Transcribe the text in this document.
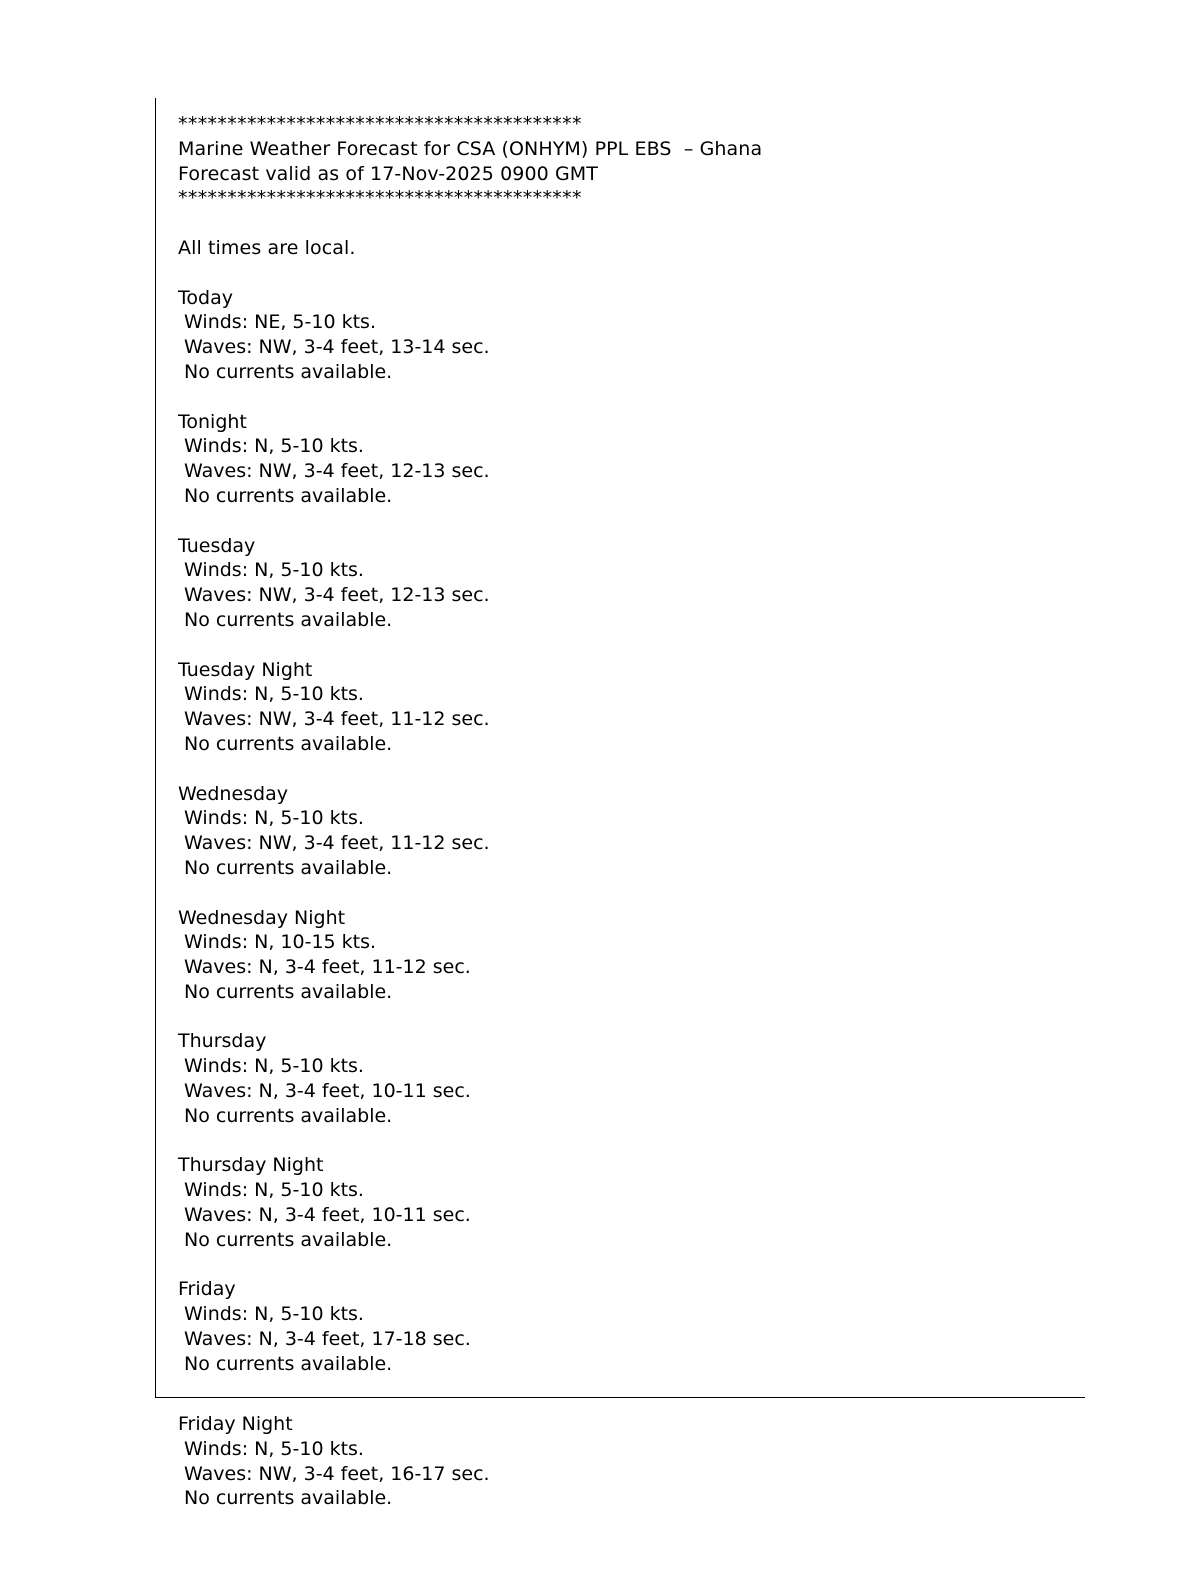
*****************************************
Marine Weather Forecast for CSA (ONHYM) PPL EBS  – Ghana
Forecast valid as of 17-Nov-2025 0900 GMT
*****************************************
All times are local.
Today
Winds: NE, 5-10 kts.
Waves: NW, 3-4 feet, 13-14 sec.
No currents available.
Tonight
Winds: N, 5-10 kts.
Waves: NW, 3-4 feet, 12-13 sec.
No currents available.
Tuesday
Winds: N, 5-10 kts.
Waves: NW, 3-4 feet, 12-13 sec.
No currents available.
Tuesday Night
Winds: N, 5-10 kts.
Waves: NW, 3-4 feet, 11-12 sec.
No currents available.
Wednesday
Winds: N, 5-10 kts.
Waves: NW, 3-4 feet, 11-12 sec.
No currents available.
Wednesday Night
Winds: N, 10-15 kts.
Waves: N, 3-4 feet, 11-12 sec.
No currents available.
Thursday
Winds: N, 5-10 kts.
Waves: N, 3-4 feet, 10-11 sec.
No currents available.
Thursday Night
Winds: N, 5-10 kts.
Waves: N, 3-4 feet, 10-11 sec.
No currents available.
Friday
Winds: N, 5-10 kts.
Waves: N, 3-4 feet, 17-18 sec.
No currents available.
Friday Night
Winds: N, 5-10 kts.
Waves: NW, 3-4 feet, 16-17 sec.
No currents available.
